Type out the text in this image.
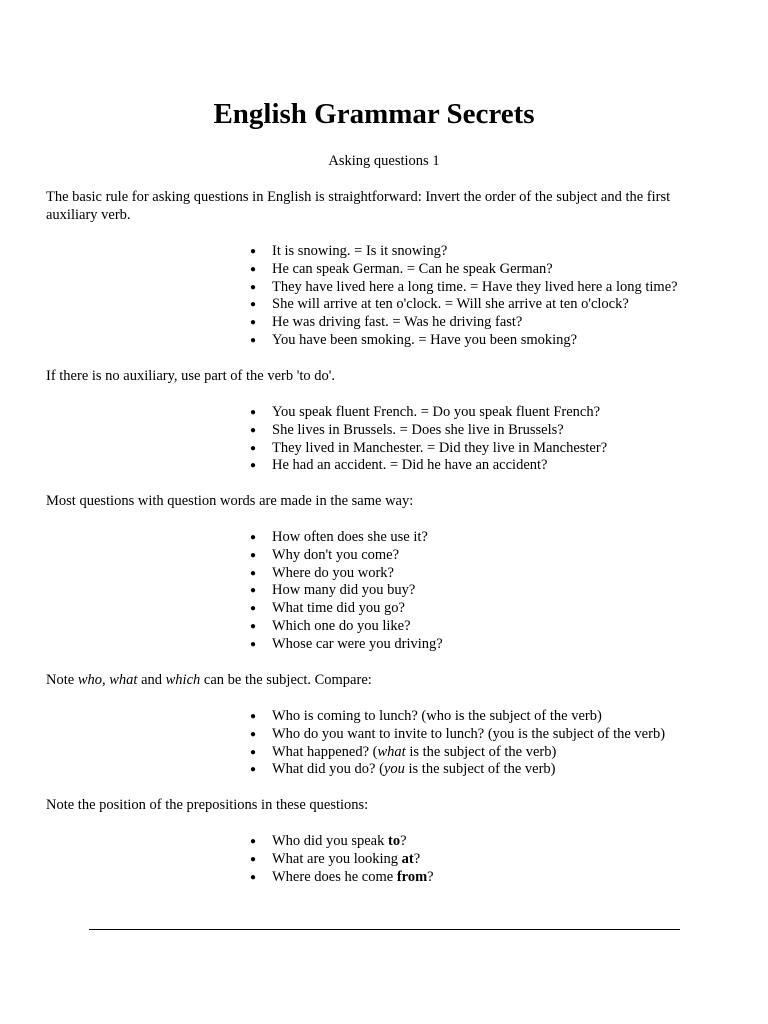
English Grammar Secrets

Asking questions 1

The basic rule for asking questions in English is straightforward: Invert the order of the subject and the first auxiliary verb.

● It is snowing. = Is it snowing?
● He can speak German. = Can he speak German?
● They have lived here a long time. = Have they lived here a long time?
● She will arrive at ten o'clock. = Will she arrive at ten o'clock?
● He was driving fast. = Was he driving fast?
● You have been smoking. = Have you been smoking?

If there is no auxiliary, use part of the verb 'to do'.

● You speak fluent French. = Do you speak fluent French?
● She lives in Brussels. = Does she live in Brussels?
● They lived in Manchester. = Did they live in Manchester?
● He had an accident. = Did he have an accident?

Most questions with question words are made in the same way:

● How often does she use it?
● Why don't you come?
● Where do you work?
● How many did you buy?
● What time did you go?
● Which one do you like?
● Whose car were you driving?

Note who, what and which can be the subject. Compare:

● Who is coming to lunch? (who is the subject of the verb)
● Who do you want to invite to lunch? (you is the subject of the verb)
● What happened? (what is the subject of the verb)
● What did you do? (you is the subject of the verb)

Note the position of the prepositions in these questions:

● Who did you speak to?
● What are you looking at?
● Where does he come from?
